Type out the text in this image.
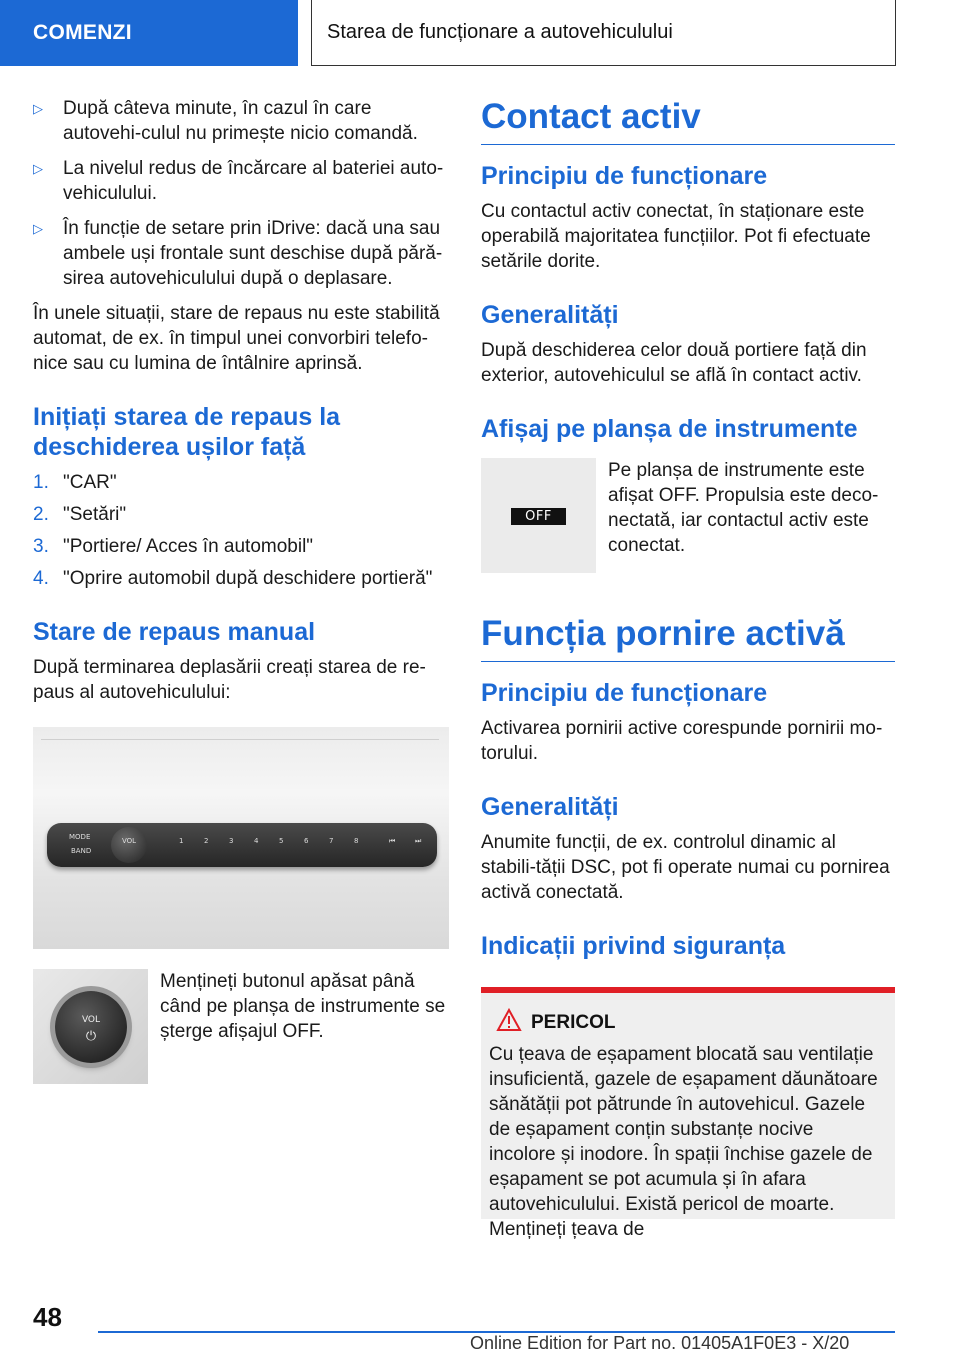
COMENZI	Starea de funcționare a autovehiculului
▷	După câteva minute, în cazul în care autovehi-culul nu primește nicio comandă.
▷	La nivelul redus de încărcare al bateriei auto-vehiculului.
▷	În funcție de setare prin iDrive: dacă una sau ambele uși frontale sunt deschise după pără-sirea autovehiculului după o deplasare.

În unele situații, stare de repaus nu este stabilită automat, de ex. în timpul unei convorbiri telefo-nice sau cu lumina de întâlnire aprinsă.

Inițiați starea de repaus la deschiderea ușilor față
1. "CAR"
2. "Setări"
3. "Portiere/ Acces în automobil"
4. "Oprire automobil după deschidere portieră"
Stare de repaus manual

După terminarea deplasării creați starea de re-paus al autovehiculului:

MODE
BAND
VOL	1	2	3	4	5	6	7	8	⏮	⏭
VOL
⏻
Mențineți butonul apăsat până când pe planșa de instrumente se șterge afișajul OFF.
Contact activ
Principiu de funcționare

Cu contactul activ conectat, în staționare este operabilă majoritatea funcțiilor. Pot fi efectuate setările dorite.

Generalități

După deschiderea celor două portiere față din exterior, autovehiculul se află în contact activ.

Afișaj pe planșa de instrumente
OFF
Pe planșa de instrumente este afișat OFF. Propulsia este deco-nectată, iar contactul activ este conectat.
Funcția pornire activă
Principiu de funcționare

Activarea pornirii active corespunde pornirii mo-torului.

Generalități

Anumite funcții, de ex. controlul dinamic al stabili-tății DSC, pot fi operate numai cu pornirea activă conectată.

Indicații privind siguranța
PERICOL

Cu țeava de eșapament blocată sau ventilație insuficientă, gazele de eșapament dăunătoare sănătății pot pătrunde în autovehicul. Gazele de eșapament conțin substanțe nocive incolore și inodore. În spații închise gazele de eșapament se pot acumula și în afara autovehiculului. Există pericol de moarte. Mențineți țeava de

48
Online Edition for Part no. 01405A1F0E3 - X/20
